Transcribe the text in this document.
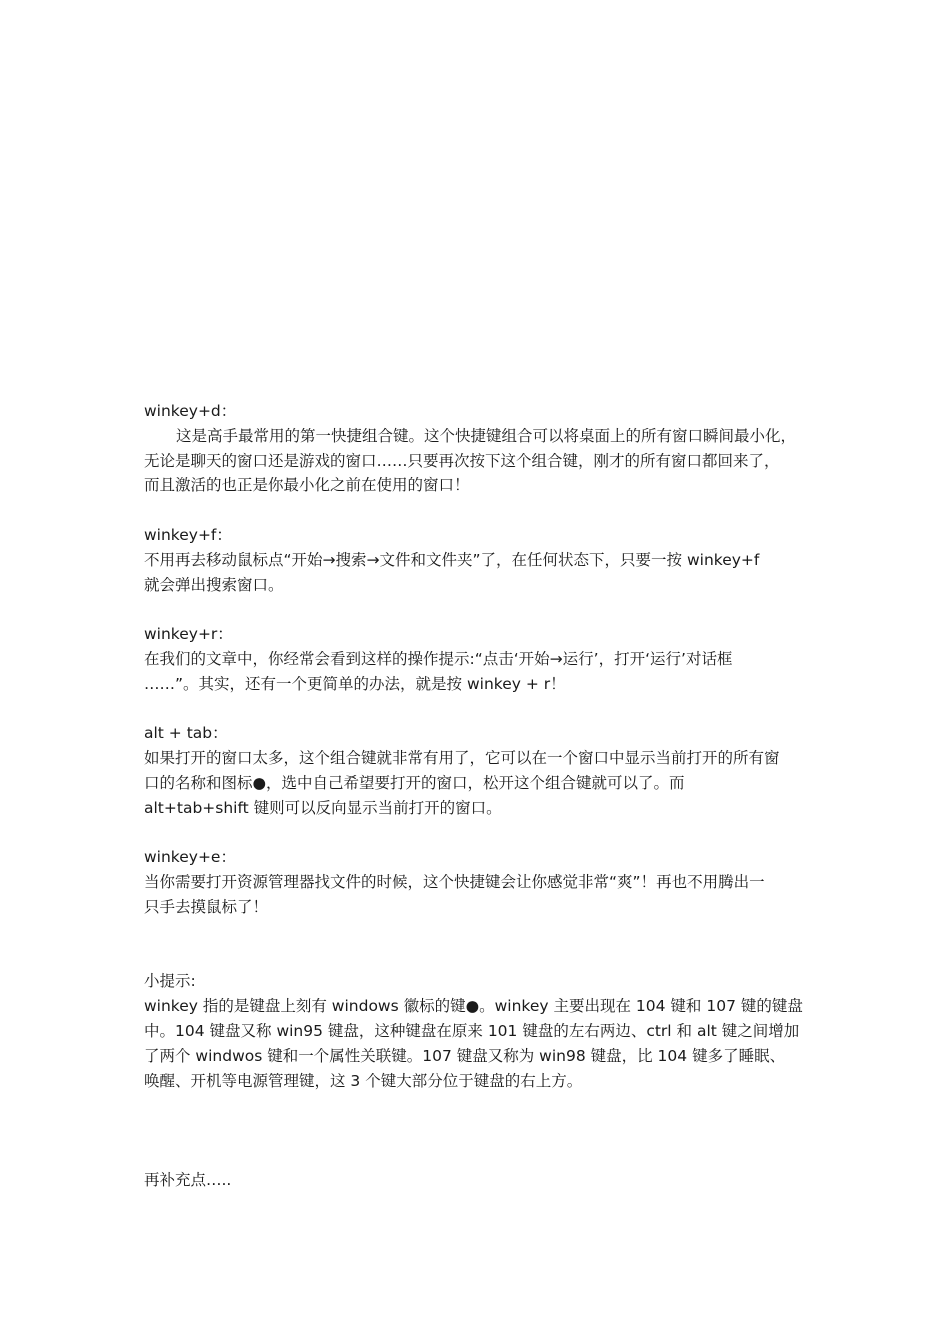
winkey+d：
这是高手最常用的第一快捷组合键。这个快捷键组合可以将桌面上的所有窗口瞬间最小化，
无论是聊天的窗口还是游戏的窗口……只要再次按下这个组合键，刚才的所有窗口都回来了，
而且激活的也正是你最小化之前在使用的窗口！
winkey+f：
不用再去移动鼠标点“开始→搜索→文件和文件夹”了，在任何状态下，只要一按 winkey+f
就会弹出搜索窗口。
winkey+r：
在我们的文章中，你经常会看到这样的操作提示:“点击‘开始→运行’，打开‘运行’对话框
……”。其实，还有一个更简单的办法，就是按 winkey + r！
alt + tab：
如果打开的窗口太多，这个组合键就非常有用了，它可以在一个窗口中显示当前打开的所有窗
口的名称和图标●，选中自己希望要打开的窗口，松开这个组合键就可以了。而
alt+tab+shift 键则可以反向显示当前打开的窗口。
winkey+e：
当你需要打开资源管理器找文件的时候，这个快捷键会让你感觉非常“爽”！再也不用腾出一
只手去摸鼠标了！
小提示:
winkey 指的是键盘上刻有 windows 徽标的键●。winkey 主要出现在 104 键和 107 键的键盘
中。104 键盘又称 win95 键盘，这种键盘在原来 101 键盘的左右两边、ctrl 和 alt 键之间增加
了两个 windwos 键和一个属性关联键。107 键盘又称为 win98 键盘，比 104 键多了睡眠、
唤醒、开机等电源管理键，这 3 个键大部分位于键盘的右上方。
再补充点…..
